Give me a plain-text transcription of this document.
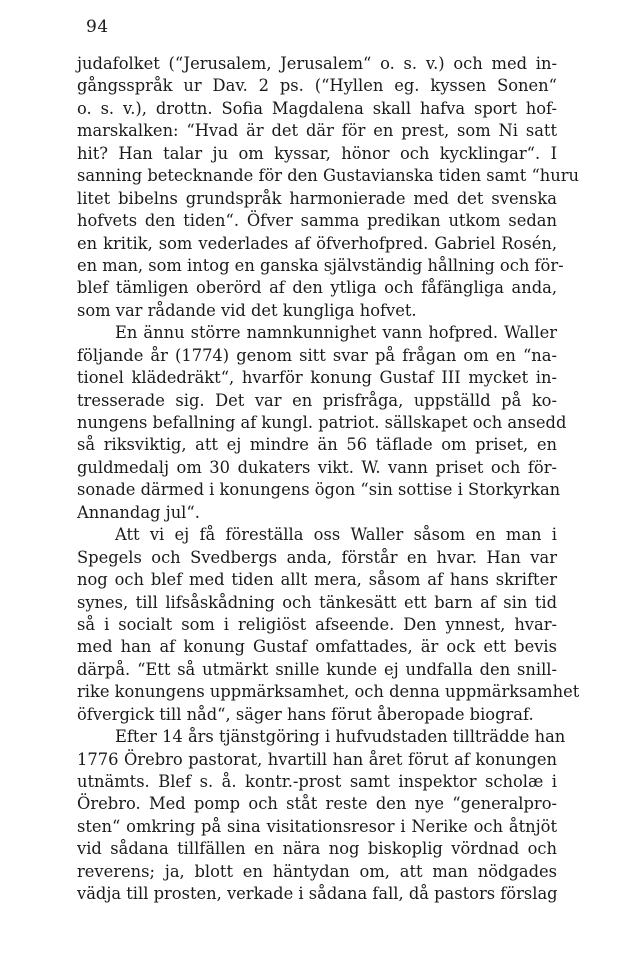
94
judafolket (“Jerusalem, Jerusalem“ o. s. v.) och med in-
gångsspråk ur Dav. 2 ps. (“Hyllen eg. kyssen Sonen“
o. s. v.), drottn. Sofia Magdalena skall hafva sport hof-
marskalken: “Hvad är det där för en prest, som Ni satt
hit? Han talar ju om kyssar, hönor och kycklingar“. I
sanning betecknande för den Gustavianska tiden samt “huru
litet bibelns grundspråk harmonierade med det svenska
hofvets den tiden“. Öfver samma predikan utkom sedan
en kritik, som vederlades af öfverhofpred. Gabriel Rosén,
en man, som intog en ganska självständig hållning och för-
blef tämligen oberörd af den ytliga och fåfängliga anda,
som var rådande vid det kungliga hofvet.
En ännu större namnkunnighet vann hofpred. Waller
följande år (1774) genom sitt svar på frågan om en “na-
tionel klädedräkt“, hvarför konung Gustaf III mycket in-
tresserade sig. Det var en prisfråga, uppställd på ko-
nungens befallning af kungl. patriot. sällskapet och ansedd
så riksviktig, att ej mindre än 56 täflade om priset, en
guldmedalj om 30 dukaters vikt. W. vann priset och för-
sonade därmed i konungens ögon “sin sottise i Storkyrkan
Annandag jul“.
Att vi ej få föreställa oss Waller såsom en man i
Spegels och Svedbergs anda, förstår en hvar. Han var
nog och blef med tiden allt mera, såsom af hans skrifter
synes, till lifsåskådning och tänkesätt ett barn af sin tid
så i socialt som i religiöst afseende. Den ynnest, hvar-
med han af konung Gustaf omfattades, är ock ett bevis
därpå. “Ett så utmärkt snille kunde ej undfalla den snill-
rike konungens uppmärksamhet, och denna uppmärksamhet
öfvergick till nåd“, säger hans förut åberopade biograf.
Efter 14 års tjänstgöring i hufvudstaden tillträdde han
1776 Örebro pastorat, hvartill han året förut af konungen
utnämts. Blef s. å. kontr.-prost samt inspektor scholæ i
Örebro. Med pomp och ståt reste den nye “generalpro-
sten“ omkring på sina visitationsresor i Nerike och åtnjöt
vid sådana tillfällen en nära nog biskoplig vördnad och
reverens; ja, blott en häntydan om, att man nödgades
vädja till prosten, verkade i sådana fall, då pastors förslag
